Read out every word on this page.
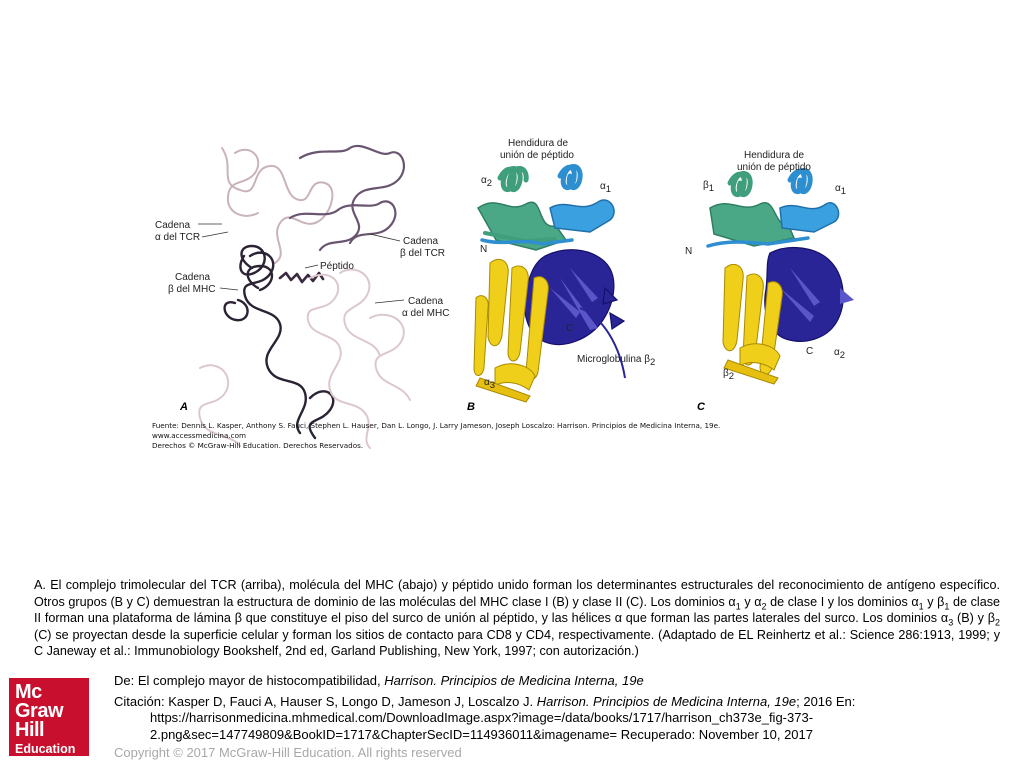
Cadena
α del TCR	Cadena
β del TCR
Péptido
Cadena
β del MHC
Cadena
α del MHC
A
Hendidura de
unión de péptido
α2	α1
N
C
Microglobulina β2
α3
B
Hendidura de
unión de péptido
β1	α1
N
C α2
β2
C
Fuente: Dennis L. Kasper, Anthony S. Fauci, Stephen L. Hauser, Dan L. Longo, J. Larry Jameson, Joseph Loscalzo: Harrison. Principios de Medicina Interna, 19e.
www.accessmedicina.com
Derechos © McGraw-Hill Education. Derechos Reservados.
A. El complejo trimolecular del TCR (arriba), molécula del MHC (abajo) y péptido unido forman los determinantes estructurales del reconocimiento de antígeno específico. Otros grupos (B y C) demuestran la estructura de dominio de las moléculas del MHC clase I (B) y clase II (C). Los dominios $\alpha_1$ y $\alpha_2$ de clase I y los dominios $\alpha_1$ y $\beta_1$ de clase II forman una plataforma de lámina β que constituye el piso del surco de unión al péptido, y las hélices α que forman las partes laterales del surco. Los dominios $\alpha_3$ (B) y $\beta_2$ (C) se proyectan desde la superficie celular y forman los sitios de contacto para CD8 y CD4, respectivamente. (Adaptado de EL Reinhertz et al.: Science 286:1913, 1999; y C Janeway et al.: Immunobiology Bookshelf, 2nd ed, Garland Publishing, New York, 1997; con autorización.)
Mc
Graw
Hill
Education
De: El complejo mayor de histocompatibilidad, Harrison. Principios de Medicina Interna, 19e
Citación: Kasper D, Fauci A, Hauser S, Longo D, Jameson J, Loscalzo J. Harrison. Principios de Medicina Interna, 19e; 2016 En:
https://harrisonmedicina.mhmedical.com/DownloadImage.aspx?image=/data/books/1717/harrison_ch373e_fig-373-
2.png&sec=147749809&BookID=1717&ChapterSecID=114936011&imagename= Recuperado: November 10, 2017
Copyright © 2017 McGraw-Hill Education. All rights reserved
